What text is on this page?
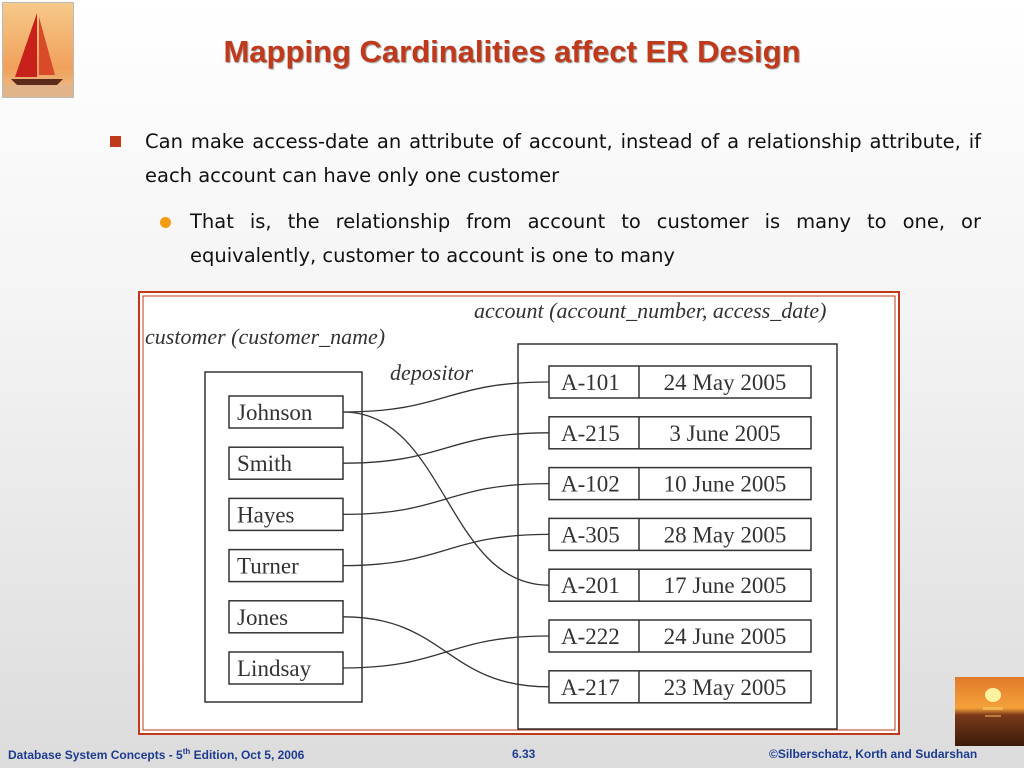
Mapping Cardinalities affect ER Design
Can make access-date an attribute of account, instead of a relationship attribute, if each account can have only one customer
That is, the relationship from account to customer is many to one, or equivalently, customer to account is one to many
account (account_number, access_date)
customer (customer_name)
depositor
Johnson
Smith
Hayes
Turner
Jones
Lindsay
A-101 24 May 2005
A-215 3 June 2005
A-102 10 June 2005
A-305 28 May 2005
A-201 17 June 2005
A-222 24 June 2005
A-217 23 May 2005
Database System Concepts - 5th Edition, Oct 5, 2006	6.33	©Silberschatz, Korth and Sudarshan
